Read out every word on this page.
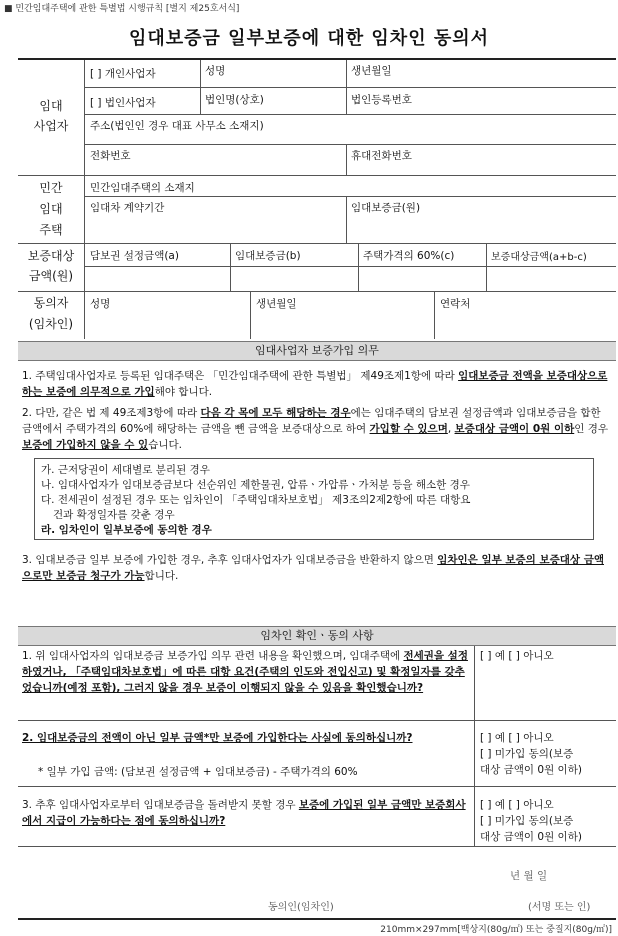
■ 민간임대주택에 관한 특별법 시행규칙 [별지 제25호서식]
임대보증금 일부보증에 대한 임차인 동의서
임대
사업자
[ ] 개인사업자	성명	생년월일
[ ] 법인사업자	법인명(상호)	법인등록번호
주소(법인인 경우 대표 사무소 소재지)
전화번호	휴대전화번호
민간
임대
주택
민간임대주택의 소재지
임대차 계약기간	임대보증금(원)
보증대상
금액(원)
담보권 설정금액(a)	임대보증금(b)	주택가격의 60%(c)	보증대상금액(a+b-c)
동의자
(임차인)
성명	생년월일	연락처
임대사업자 보증가입 의무
1. 주택임대사업자로 등록된 임대주택은 「민간임대주택에 관한 특별법」 제49조제1항에 따라 임대보증금 전액을 보증대상으로 하는 보증에 의무적으로 가입해야 합니다.
2. 다만, 같은 법 제 49조제3항에 따라 다음 각 목에 모두 해당하는 경우에는 임대주택의 담보권 설정금액과 임대보증금을 합한 금액에서 주택가격의 60%에 해당하는 금액을 뺀 금액을 보증대상으로 하여 가입할 수 있으며, 보증대상 금액이 0원 이하인 경우 보증에 가입하지 않을 수 있습니다.
가. 근저당권이 세대별로 분리된 경우
나. 임대사업자가 임대보증금보다 선순위인 제한물권, 압류ㆍ가압류ㆍ가처분 등을 해소한 경우
다. 전세권이 설정된 경우 또는 임차인이 「주택임대차보호법」 제3조의2제2항에 따른 대항요
건과 확정일자를 갖춘 경우
라. 임차인이 일부보증에 동의한 경우
3. 임대보증금 일부 보증에 가입한 경우, 추후 임대사업자가 임대보증금을 반환하지 않으면 임차인은 일부 보증의 보증대상 금액으로만 보증금 청구가 가능합니다.
임차인 확인ㆍ동의 사항
1. 위 임대사업자의 임대보증금 보증가입 의무 관련 내용을 확인했으며, 임대주택에 전세권을 설정하였거나, 「주택임대차보호법」에 따른 대항 요건(주택의 인도와 전입신고) 및 확정일자를 갖추었습니까(예정 포함), 그러지 않을 경우 보증이 이행되지 않을 수 있음을 확인했습니까?
[ ] 예 [ ] 아니오
2. 임대보증금의 전액이 아닌 일부 금액*만 보증에 가입한다는 사실에 동의하십니까?
* 일부 가입 금액: (담보권 설정금액 + 임대보증금) - 주택가격의 60%
[ ] 예 [ ] 아니오
[ ] 미가입 동의(보증
대상 금액이 0원 이하)
3. 추후 임대사업자로부터 임대보증금을 돌려받지 못할 경우 보증에 가입된 일부 금액만 보증회사에서 지급이 가능하다는 점에 동의하십니까?
[ ] 예 [ ] 아니오
[ ] 미가입 동의(보증
대상 금액이 0원 이하)
년 월 일
동의인(임차인)	(서명 또는 인)
210mm×297mm[백상지(80g/㎡) 또는 중질지(80g/㎡)]
